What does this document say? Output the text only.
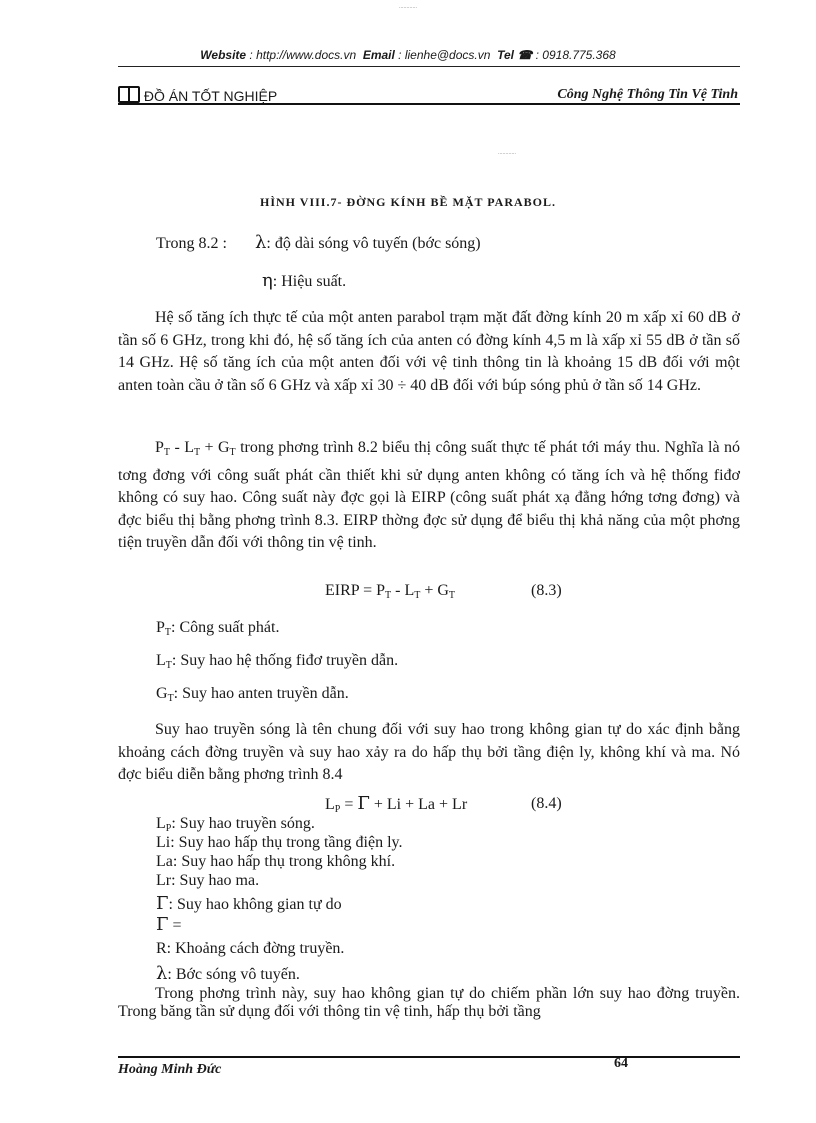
............
Website : http://www.docs.vn Email : lienhe@docs.vn Tel ☎ : 0918.775.368
ĐỒ ÁN TỐT NGHIỆP	Công Nghệ Thông Tin Vệ Tinh
............
HÌNH VIII.7- ĐỜNG KÍNH BỀ MẶT PARABOL.
Trong 8.2 : λ: độ dài sóng vô tuyến (bớc sóng)
η: Hiệu suất.
Hệ số tăng ích thực tế của một anten parabol trạm mặt đất đờng kính 20 m xấp xỉ 60 dB ở tần số 6 GHz, trong khi đó, hệ số tăng ích của anten có đờng kính 4,5 m là xấp xỉ 55 dB ở tần số 14 GHz. Hệ số tăng ích của một anten đối với vệ tinh thông tin là khoảng 15 dB đối với một anten toàn cầu ở tần số 6 GHz và xấp xỉ 30 ÷ 40 dB đối với búp sóng phủ ở tần số 14 GHz.
$P_T - L_T + G_T$ trong phơng trình 8.2 biểu thị công suất thực tế phát tới máy thu. Nghĩa là nó tơng đơng với công suất phát cần thiết khi sử dụng anten không có tăng ích và hệ thống fiđơ không có suy hao. Công suất này đợc gọi là EIRP (công suất phát xạ đẳng hớng tơng đơng) và đợc biểu thị bằng phơng trình 8.3. EIRP thờng đợc sử dụng để biểu thị khả năng của một phơng tiện truyền dẫn đối với thông tin vệ tinh.
EIRP = $P_T - L_T + G_T$	(8.3)
$P_T$: Công suất phát.
$L_T$: Suy hao hệ thống fiđơ truyền dẫn.
$G_T$: Suy hao anten truyền dẫn.
Suy hao truyền sóng là tên chung đối với suy hao trong không gian tự do xác định bằng khoảng cách đờng truyền và suy hao xảy ra do hấp thụ bởi tầng điện ly, không khí và ma. Nó đợc biểu diễn bằng phơng trình 8.4
$L_P = \Gamma + Li + La + Lr$	(8.4)
$L_P$: Suy hao truyền sóng.
Li: Suy hao hấp thụ trong tầng điện ly.
La: Suy hao hấp thụ trong không khí.
Lr: Suy hao ma.
Γ: Suy hao không gian tự do
Γ =
R: Khoảng cách đờng truyền.
λ: Bớc sóng vô tuyến.
Trong phơng trình này, suy hao không gian tự do chiếm phần lớn suy hao đờng truyền. Trong băng tần sử dụng đối với thông tin vệ tinh, hấp thụ bởi tầng
Hoàng Minh Đức	64
